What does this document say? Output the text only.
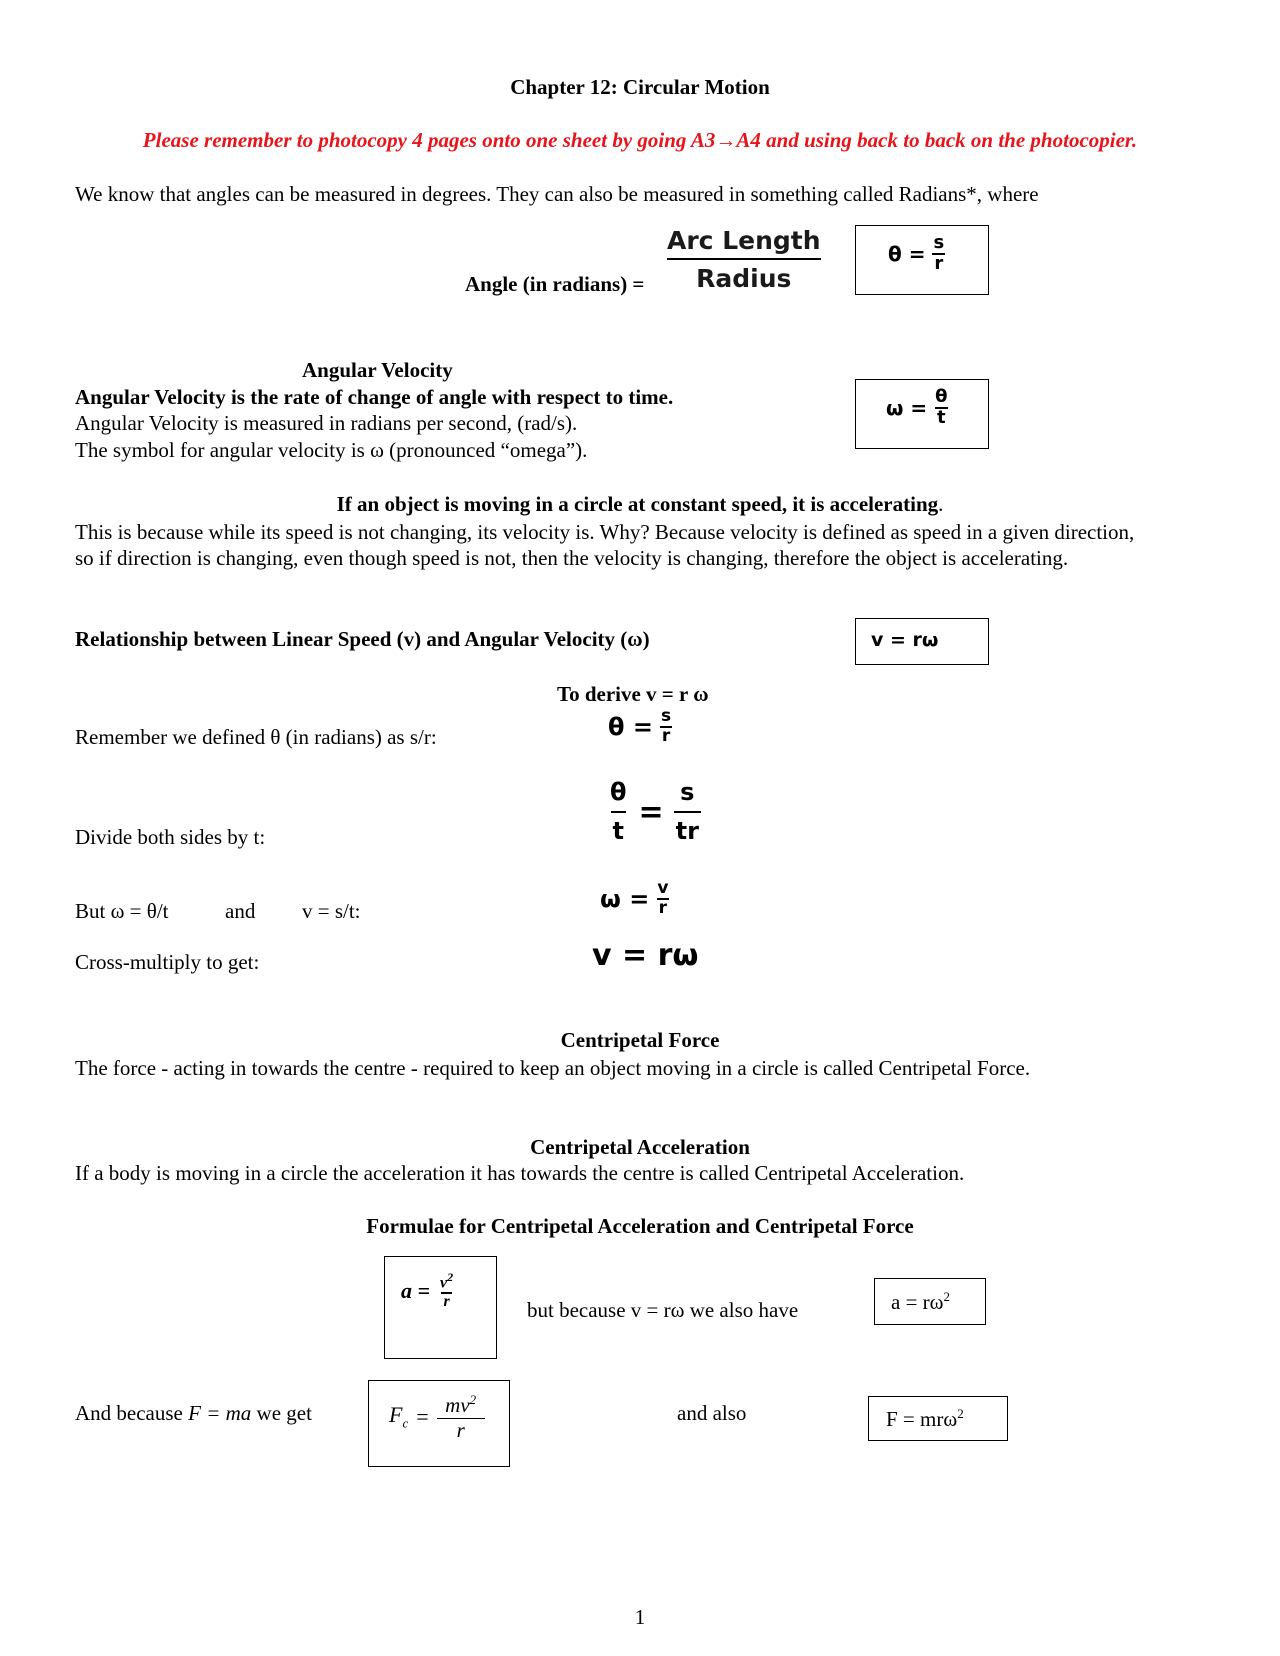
Chapter 12: Circular Motion
Please remember to photocopy 4 pages onto one sheet by going A3→A4 and using back to back on the photocopier.
We know that angles can be measured in degrees. They can also be measured in something called Radians*, where
Angle (in radians) = $\frac{\text{Arc Length}}{\text{Radius}}$	$\theta = \frac{s}{r}$
Angular Velocity
Angular Velocity is the rate of change of angle with respect to time.
Angular Velocity is measured in radians per second, (rad/s).
The symbol for angular velocity is ω (pronounced “omega”).
$\omega = \frac{\theta}{t}$
If an object is moving in a circle at constant speed, it is accelerating.
This is because while its speed is not changing, its velocity is. Why? Because velocity is defined as speed in a given direction, so if direction is changing, even though speed is not, then the velocity is changing, therefore the object is accelerating.
Relationship between Linear Speed (v) and Angular Velocity (ω)	v = rω
To derive v = r ω
Remember we defined θ (in radians) as s/r:	$\theta = \frac{s}{r}$
Divide both sides by t:	$\frac{\theta}{t} = \frac{s}{tr}$
But ω = θ/t	and v = s/t:	$\omega = \frac{v}{r}$
Cross-multiply to get:	v = rω
Centripetal Force
The force - acting in towards the centre - required to keep an object moving in a circle is called Centripetal Force.
Centripetal Acceleration
If a body is moving in a circle the acceleration it has towards the centre is called Centripetal Acceleration.
Formulae for Centripetal Acceleration and Centripetal Force
$a = \frac{v^2}{r}$	but because v = rω we also have	$a = r\omega^2$
And because F = ma we get	$F_c = \frac{mv^2}{r}$	and also	F = mrω$^2$
1
